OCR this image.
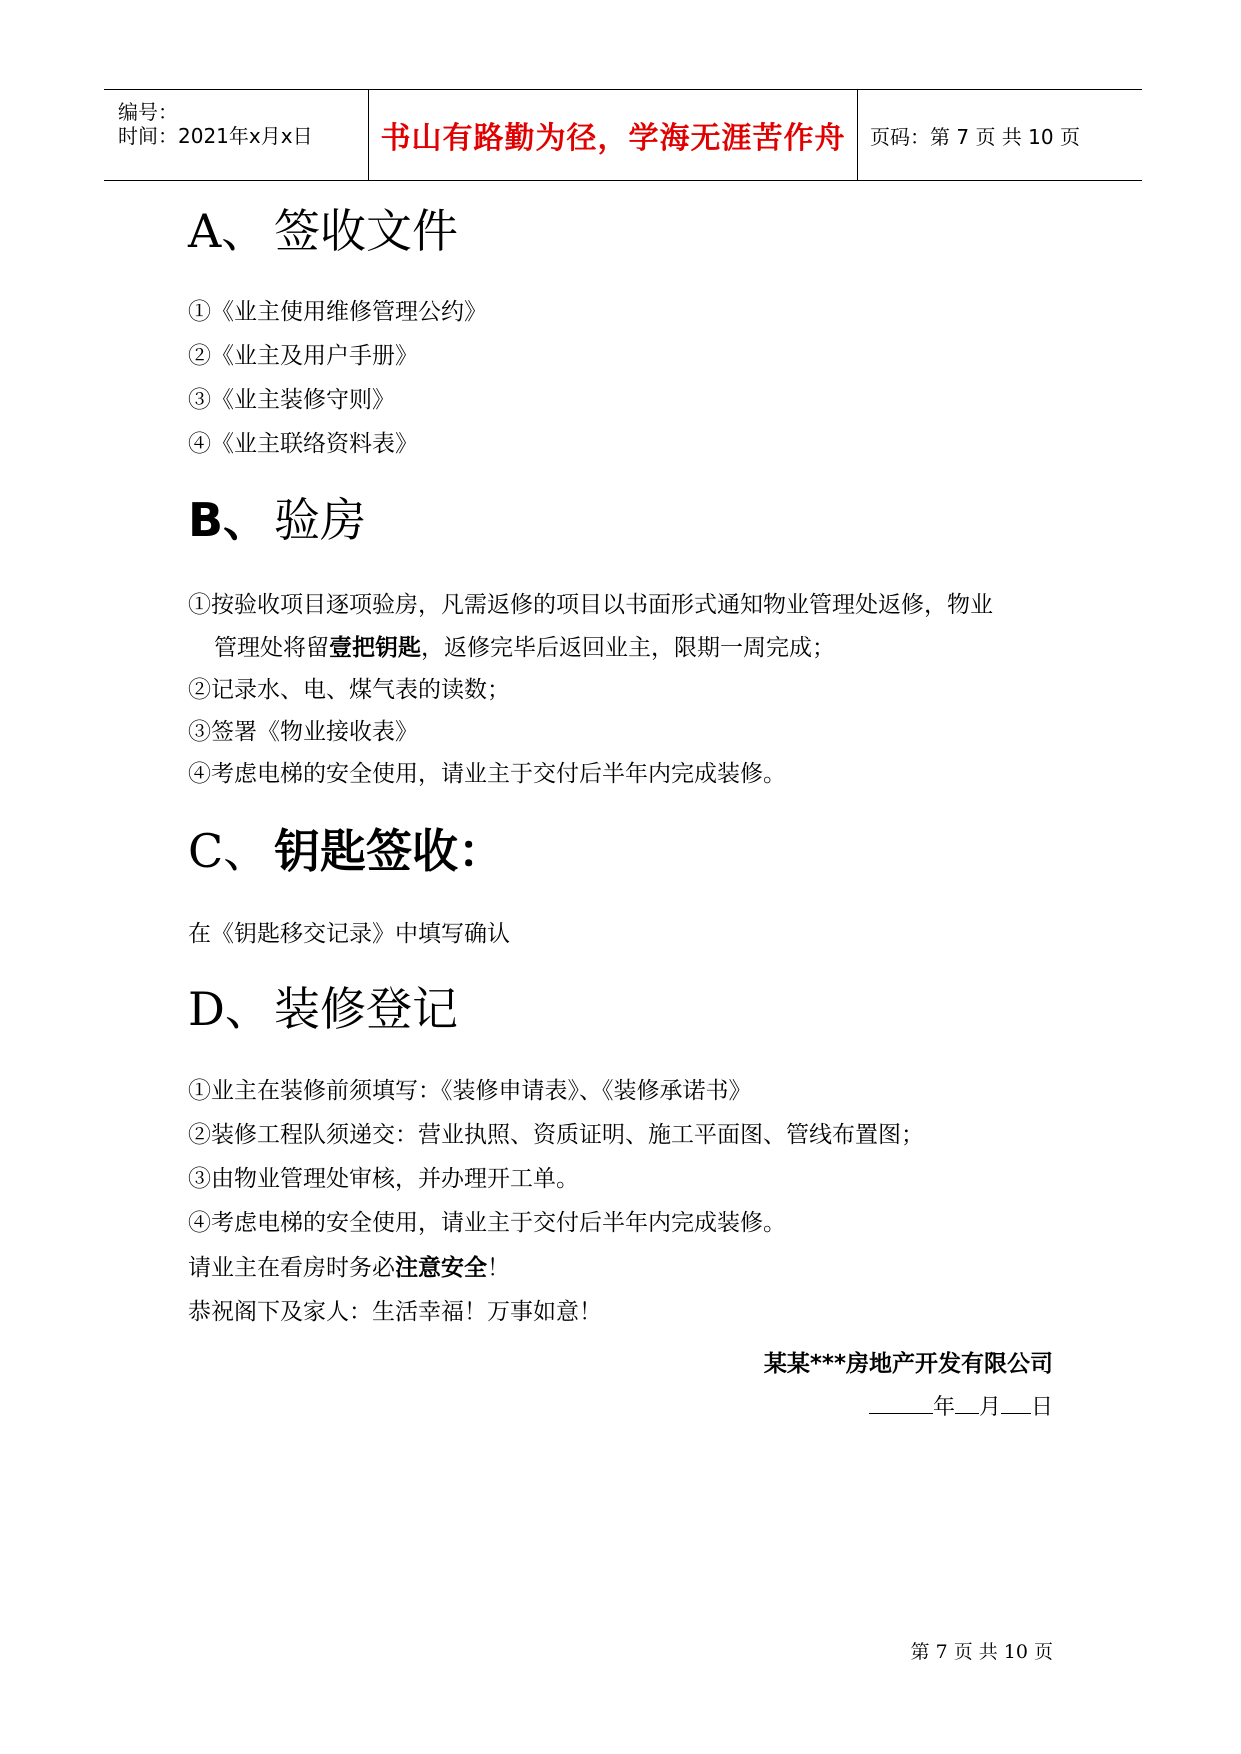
编号：
时间：2021年x月x日 书山有路勤为径，学海无涯苦作舟 页码：第 7 页 共 10 页
A、 签收文件
①《业主使用维修管理公约》
②《业主及用户手册》
③《业主装修守则》
④《业主联络资料表》
B、 验房
①按验收项目逐项验房，凡需返修的项目以书面形式通知物业管理处返修，物业
管理处将留壹把钥匙，返修完毕后返回业主，限期一周完成；
②记录水、电、煤气表的读数；
③签署《物业接收表》
④考虑电梯的安全使用，请业主于交付后半年内完成装修。
C、 钥匙签收：
在《钥匙移交记录》中填写确认
D、装修登记
①业主在装修前须填写：《装修申请表》、《装修承诺书》
②装修工程队须递交：营业执照、资质证明、施工平面图、管线布置图；
③由物业管理处审核，并办理开工单。
④考虑电梯的安全使用，请业主于交付后半年内完成装修。
请业主在看房时务必注意安全！
恭祝阁下及家人：生活幸福！万事如意！
某某***房地产开发有限公司
年 月 日
第 7 页 共 10 页
